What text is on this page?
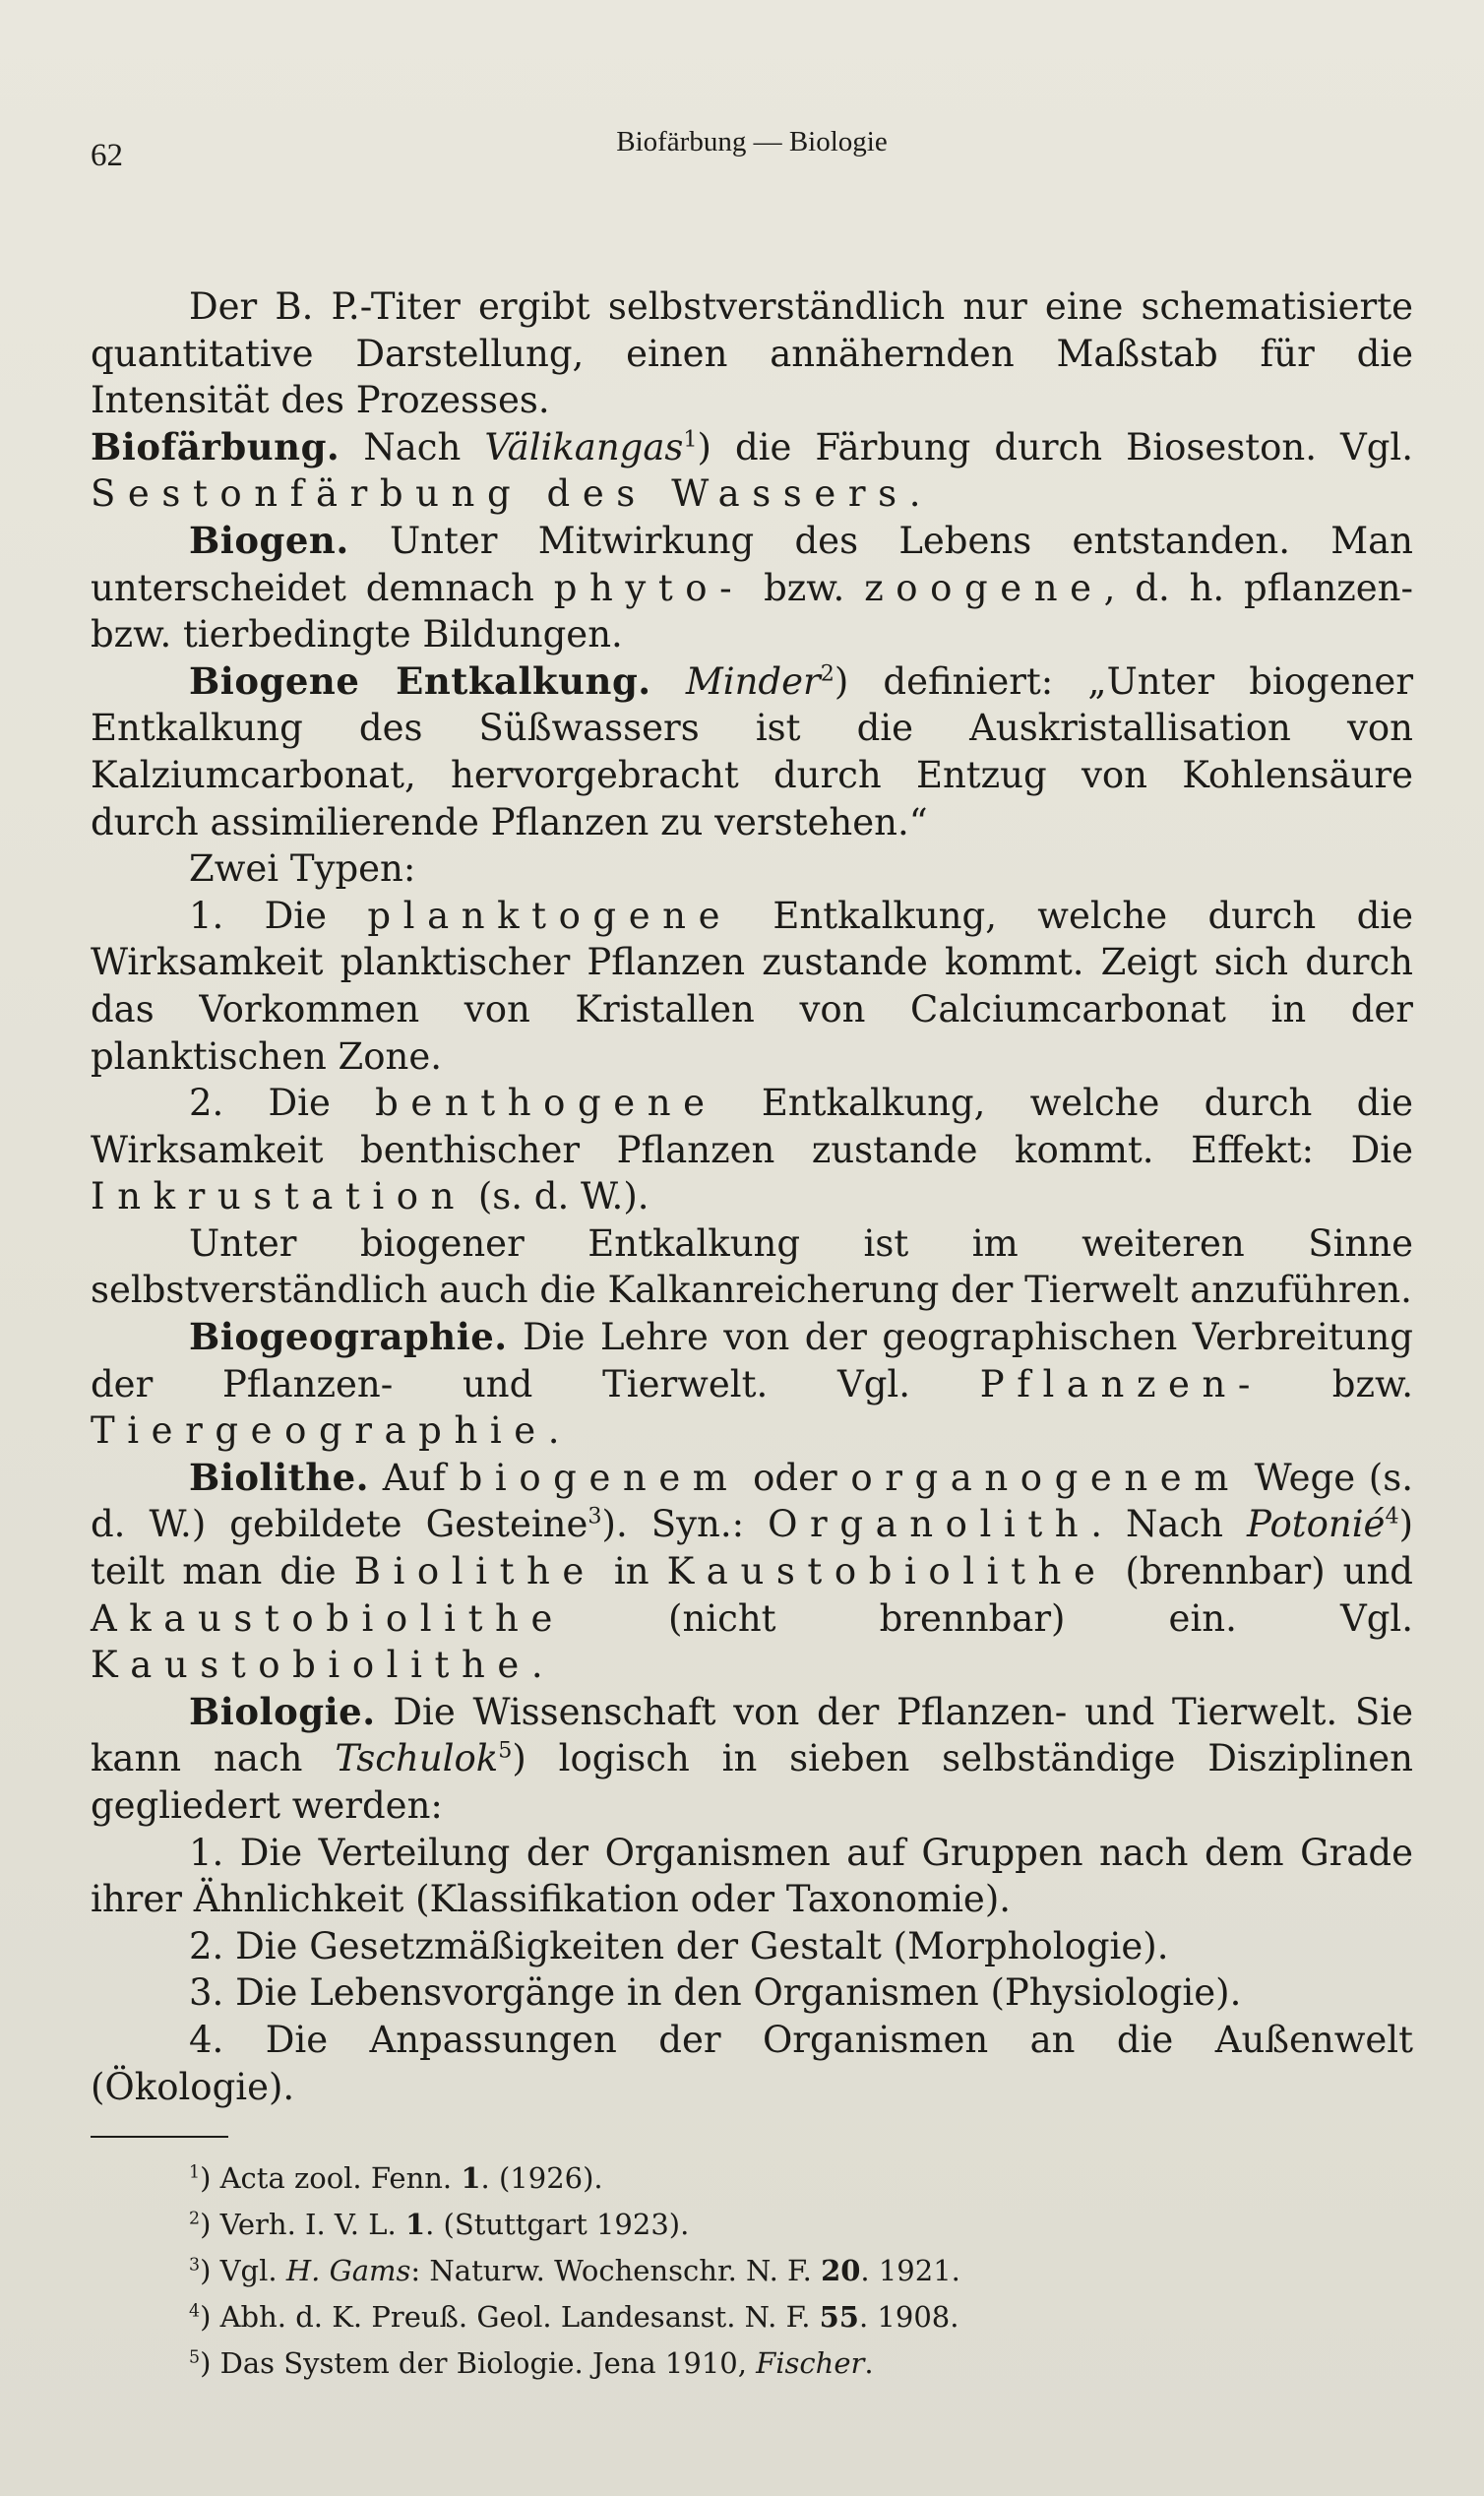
62	Biofärbung — Biologie

Der B. P.-Titer ergibt selbstverständlich nur eine schematisierte quantitative Darstellung, einen annähernden Maßstab für die Intensität des Prozesses.

Biofärbung. Nach Välikangas$^1$) die Färbung durch Bioseston. Vgl. Sestonfärbung des Wassers.

Biogen. Unter Mitwirkung des Lebens entstanden. Man unterscheidet demnach phyto- bzw. zoogene, d. h. pflanzen- bzw. tierbedingte Bildungen.

Biogene Entkalkung. Minder$^2$) definiert: „Unter biogener Entkalkung des Süßwassers ist die Auskristallisation von Kalziumcarbonat, hervorgebracht durch Entzug von Kohlensäure durch assimilierende Pflanzen zu verstehen.“

Zwei Typen:

1. Die planktogene Entkalkung, welche durch die Wirksamkeit planktischer Pflanzen zustande kommt. Zeigt sich durch das Vorkommen von Kristallen von Calciumcarbonat in der planktischen Zone.

2. Die benthogene Entkalkung, welche durch die Wirksamkeit benthischer Pflanzen zustande kommt. Effekt: Die Inkrustation (s. d. W.).

Unter biogener Entkalkung ist im weiteren Sinne selbstverständlich auch die Kalkanreicherung der Tierwelt anzuführen.

Biogeographie. Die Lehre von der geographischen Verbreitung der Pflanzen- und Tierwelt. Vgl. Pflanzen- bzw. Tiergeographie.

Biolithe. Auf biogenem oder organogenem Wege (s. d. W.) gebildete Gesteine$^3$). Syn.: Organolith. Nach Potonié$^4$) teilt man die Biolithe in Kaustobiolithe (brennbar) und Akaustobiolithe (nicht brennbar) ein. Vgl. Kaustobiolithe.

Biologie. Die Wissenschaft von der Pflanzen- und Tierwelt. Sie kann nach Tschulok$^5$) logisch in sieben selbständige Disziplinen gegliedert werden:

1. Die Verteilung der Organismen auf Gruppen nach dem Grade ihrer Ähnlichkeit (Klassifikation oder Taxonomie).

2. Die Gesetzmäßigkeiten der Gestalt (Morphologie).

3. Die Lebensvorgänge in den Organismen (Physiologie).

4. Die Anpassungen der Organismen an die Außenwelt (Ökologie).

$^1$) Acta zool. Fenn. 1. (1926).
$^2$) Verh. I. V. L. 1. (Stuttgart 1923).
$^3$) Vgl. H. Gams: Naturw. Wochenschr. N. F. 20. 1921.
$^4$) Abh. d. K. Preuß. Geol. Landesanst. N. F. 55. 1908.
$^5$) Das System der Biologie. Jena 1910, Fischer.
